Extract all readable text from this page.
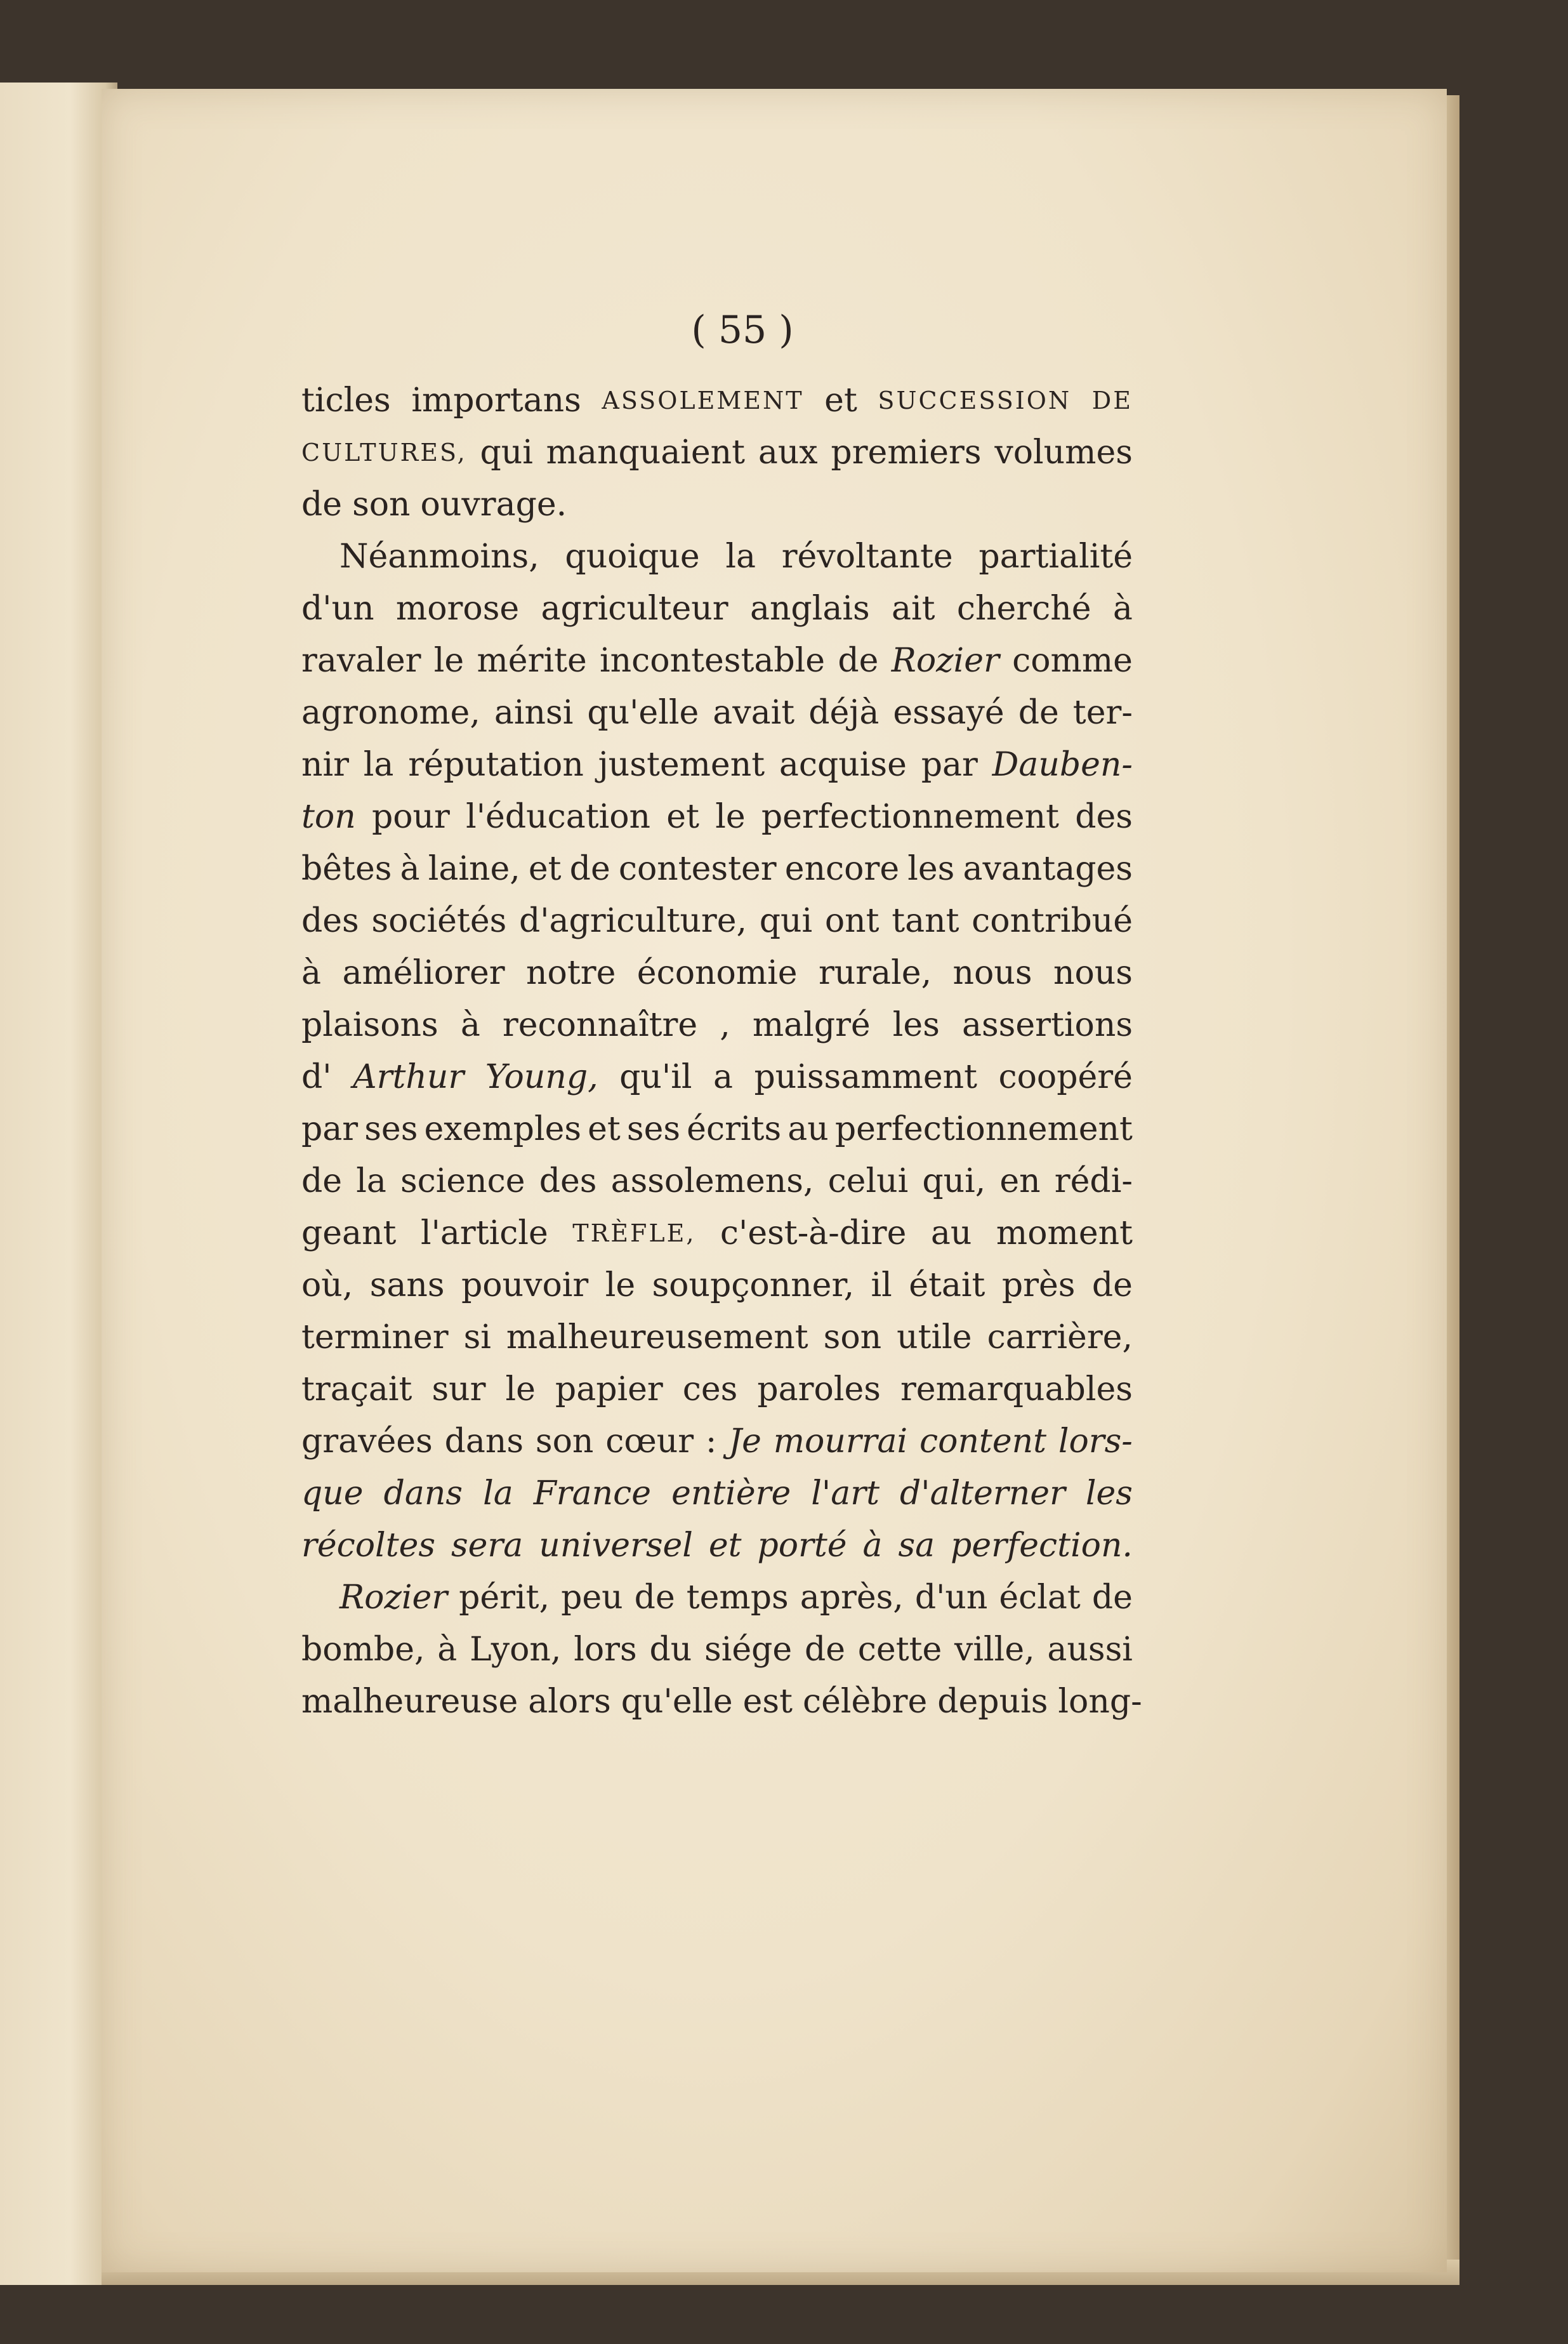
( 55 )
ticles importans ASSOLEMENT et SUCCESSION DE
CULTURES, qui manquaient aux premiers volumes
de son ouvrage.
Néanmoins, quoique la révoltante partialité
d'un morose agriculteur anglais ait cherché à
ravaler le mérite incontestable de Rozier comme
agronome, ainsi qu'elle avait déjà essayé de ter-
nir la réputation justement acquise par Dauben-
ton pour l'éducation et le perfectionnement des
bêtes à laine, et de contester encore les avantages
des sociétés d'agriculture, qui ont tant contribué
à améliorer notre économie rurale, nous nous
plaisons à reconnaître , malgré les assertions
d' Arthur Young, qu'il a puissamment coopéré
par ses exemples et ses écrits au perfectionnement
de la science des assolemens, celui qui, en rédi-
geant l'article TRÈFLE, c'est-à-dire au moment
où, sans pouvoir le soupçonner, il était près de
terminer si malheureusement son utile carrière,
traçait sur le papier ces paroles remarquables
gravées dans son cœur : Je mourrai content lors-
que dans la France entière l'art d'alterner les
récoltes sera universel et porté à sa perfection.
Rozier périt, peu de temps après, d'un éclat de
bombe, à Lyon, lors du siége de cette ville, aussi
malheureuse alors qu'elle est célèbre depuis long-
